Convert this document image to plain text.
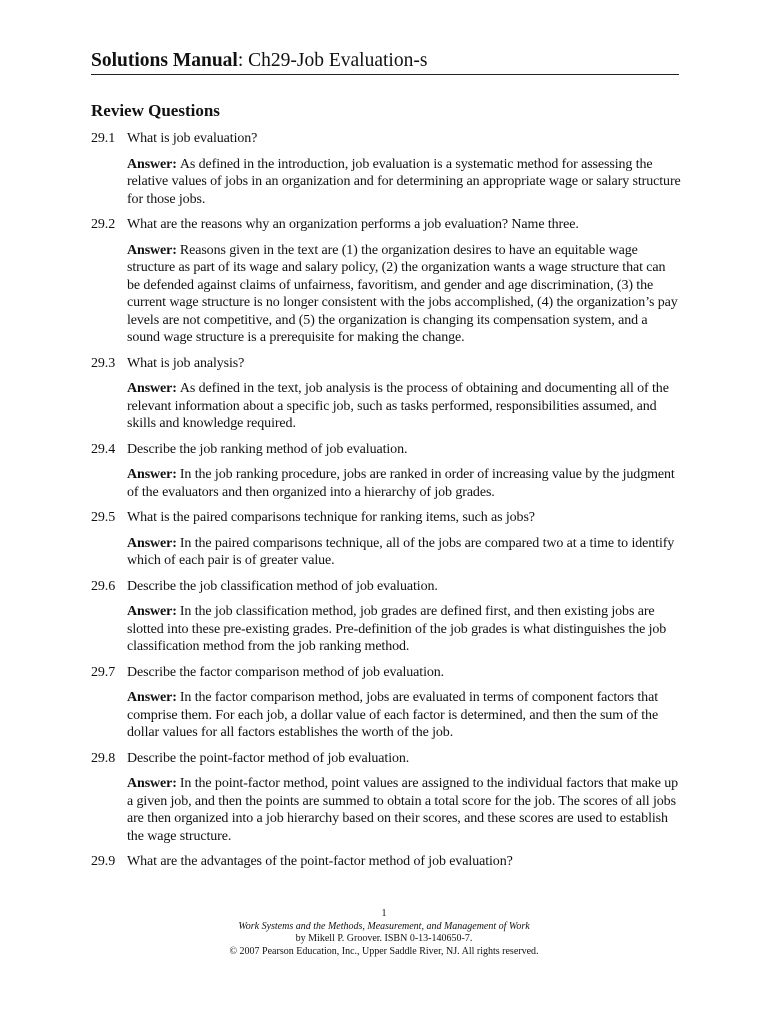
Solutions Manual: Ch29-Job Evaluation-s
Review Questions
29.1 What is job evaluation?
Answer: As defined in the introduction, job evaluation is a systematic method for assessing the relative values of jobs in an organization and for determining an appropriate wage or salary structure for those jobs.
29.2 What are the reasons why an organization performs a job evaluation? Name three.
Answer: Reasons given in the text are (1) the organization desires to have an equitable wage structure as part of its wage and salary policy, (2) the organization wants a wage structure that can be defended against claims of unfairness, favoritism, and gender and age discrimination, (3) the current wage structure is no longer consistent with the jobs accomplished, (4) the organization’s pay levels are not competitive, and (5) the organization is changing its compensation system, and a sound wage structure is a prerequisite for making the change.
29.3 What is job analysis?
Answer: As defined in the text, job analysis is the process of obtaining and documenting all of the relevant information about a specific job, such as tasks performed, responsibilities assumed, and skills and knowledge required.
29.4 Describe the job ranking method of job evaluation.
Answer: In the job ranking procedure, jobs are ranked in order of increasing value by the judgment of the evaluators and then organized into a hierarchy of job grades.
29.5 What is the paired comparisons technique for ranking items, such as jobs?
Answer: In the paired comparisons technique, all of the jobs are compared two at a time to identify which of each pair is of greater value.
29.6 Describe the job classification method of job evaluation.
Answer: In the job classification method, job grades are defined first, and then existing jobs are slotted into these pre-existing grades. Pre-definition of the job grades is what distinguishes the job classification method from the job ranking method.
29.7 Describe the factor comparison method of job evaluation.
Answer: In the factor comparison method, jobs are evaluated in terms of component factors that comprise them. For each job, a dollar value of each factor is determined, and then the sum of the dollar values for all factors establishes the worth of the job.
29.8 Describe the point-factor method of job evaluation.
Answer: In the point-factor method, point values are assigned to the individual factors that make up a given job, and then the points are summed to obtain a total score for the job. The scores of all jobs are then organized into a job hierarchy based on their scores, and these scores are used to establish the wage structure.
29.9 What are the advantages of the point-factor method of job evaluation?
1
Work Systems and the Methods, Measurement, and Management of Work
by Mikell P. Groover. ISBN 0-13-140650-7.
© 2007 Pearson Education, Inc., Upper Saddle River, NJ. All rights reserved.
